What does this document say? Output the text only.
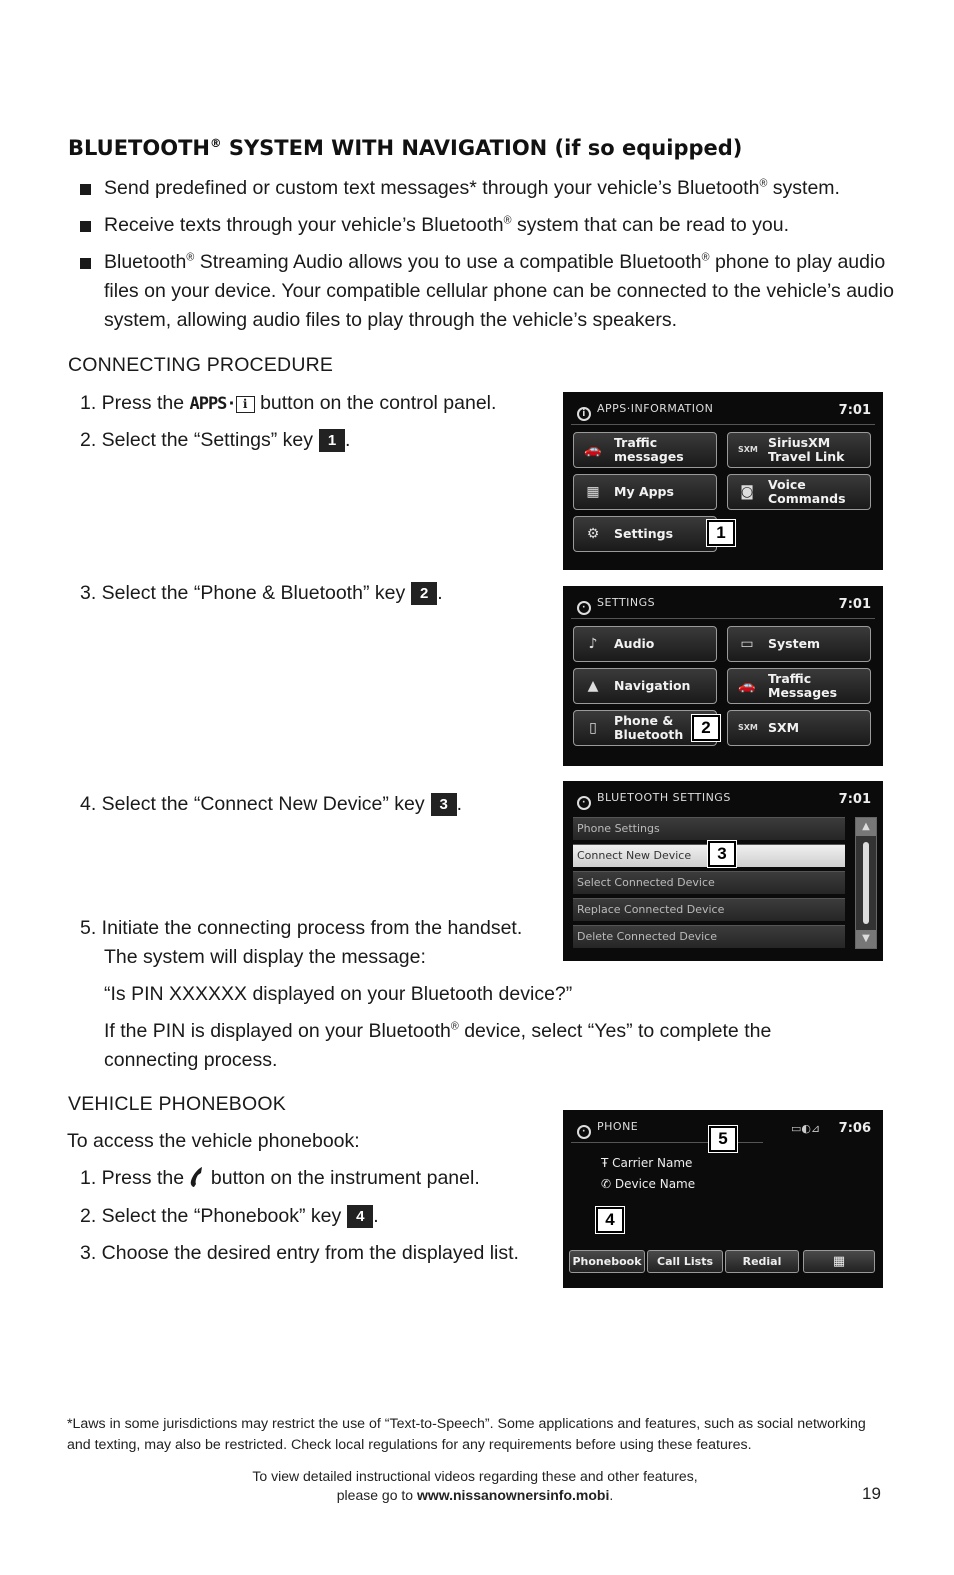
BLUETOOTH® SYSTEM WITH NAVIGATION (if so equipped)
Send predefined or custom text messages* through your vehicle’s Bluetooth® system.
Receive texts through your vehicle’s Bluetooth® system that can be read to you.
Bluetooth® Streaming Audio allows you to use a compatible Bluetooth® phone to play audio files on your device. Your compatible cellular phone can be connected to the vehicle’s audio system, allowing audio files to play through the vehicle’s speakers.
CONNECTING PROCEDURE
1. Press the APPS· i button on the control panel.
2. Select the “Settings” key 1 .
3. Select the “Phone & Bluetooth” key 2 .
4. Select the “Connect New Device” key 3 .
5. Initiate the connecting process from the handset.
The system will display the message:
“Is PIN XXXXXX displayed on your Bluetooth device?”
If the PIN is displayed on your Bluetooth® device, select “Yes” to complete the connecting process.
VEHICLE PHONEBOOK
To access the vehicle phonebook:
1. Press the  button on the instrument panel.
2. Select the “Phonebook” key 4 .
3. Choose the desired entry from the displayed list.
i APPS·INFORMATION	7:01
🚗 Traffic messages	SXM SiriusXM Travel Link
▦ My Apps	◙ Voice Commands
⚙ Settings	1
· SETTINGS	7:01
♪	Audio	▭ System
▲ Navigation	🚗 Traffic Messages
▯	Phone & Bluetooth	SXM SXM
2
· BLUETOOTH SETTINGS	7:01
Phone Settings
Connect New Device
Select Connected Device
Replace Connected Device
Delete Connected Device
▲
▼
3
· PHONE	▭◐⊿ 7:06
Ŧ Carrier Name
✆ Device Name
Phonebook	Call Lists	Redial	▦
5
4
*Laws in some jurisdictions may restrict the use of “Text-to-Speech”. Some applications and features, such as social networking and texting, may also be restricted. Check local regulations for any requirements before using these features.
To view detailed instructional videos regarding these and other features,
please go to www.nissanownersinfo.mobi.	19
